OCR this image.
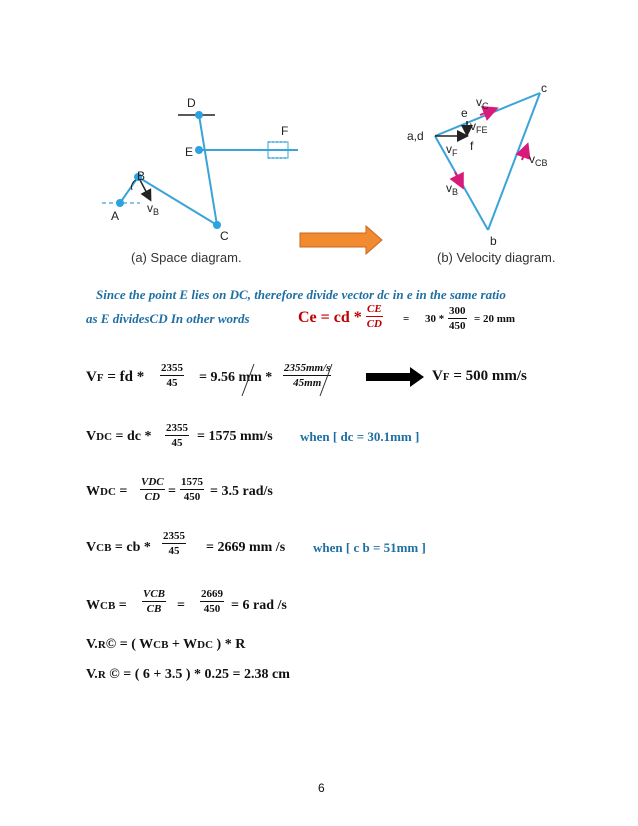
D
E
F
B
A
C
$v_B$
a,d
e
c
b
f
$v_C$
$v_{FE}$
$v_F$
$v_B$
$v_{CB}$
(a) Space diagram.	(b) Velocity diagram.
Since the point E lies on DC, therefore divide vector dc in e in the same ratio
as E dividesCD In other words	Ce = cd * $\frac{CE}{CD} = 30 * \frac{300}{450} = 20$ mm
VF = fd * $\frac{2355}{45} = 9.56$ mm * $\frac{2355mm/s}{45mm}$	VF = 500 mm/s
VDC = dc * $\frac{2355}{45} = 1575$ mm/s when [ dc = 30.1mm ]
WDC =
VDC
CD = $\frac{1575}{450} = 3.5$ rad/s
VCB = cb * $\frac{2355}{45} = 2669$ mm /s when [ c b = 51mm ]
WCB =
VCB
CB = $\frac{2669}{450} = 6$ rad /s
V.R© = ( WCB + WDC ) * R
V.R © = ( 6 + 3.5 ) * 0.25 = 2.38 cm
6
